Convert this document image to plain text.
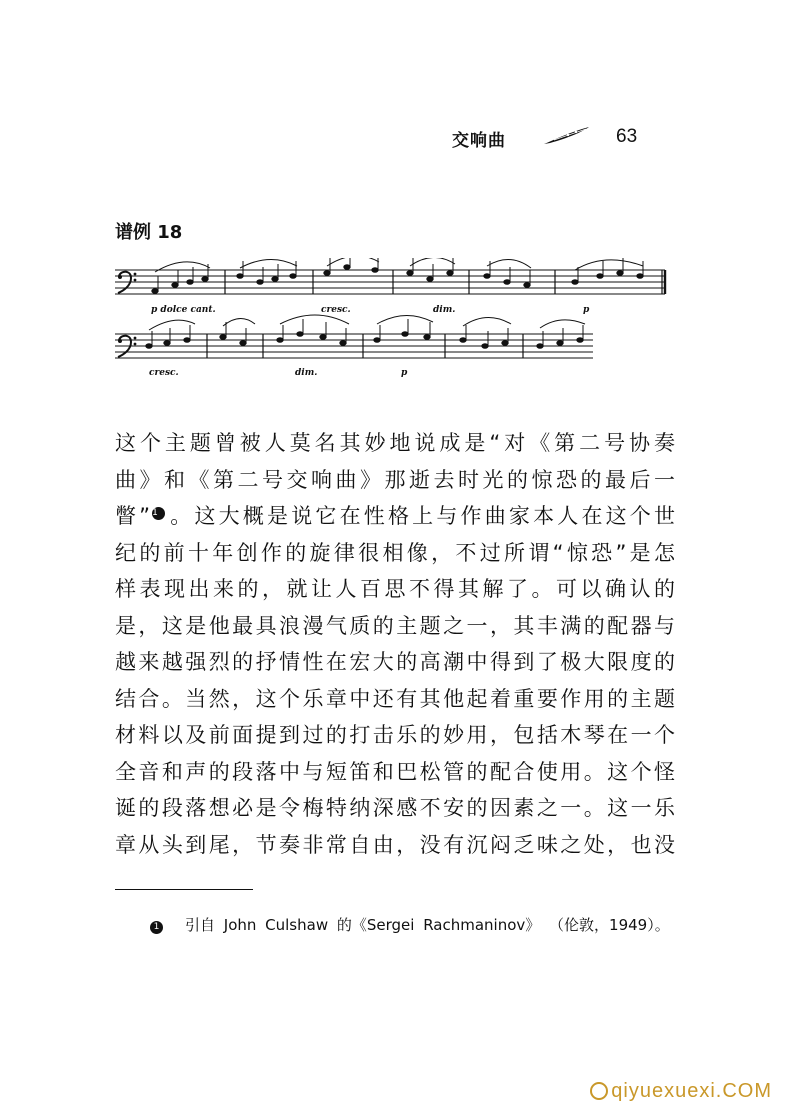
交响曲	63
谱例 18
p dolce cant.	cresc.	dim.	p
cresc.	dim.	p
这个主题曾被人莫名其妙地说成是“对《第二号协奏
曲》和《第二号交响曲》那逝去时光的惊恐的最后一
瞥” 1 。这大概是说它在性格上与作曲家本人在这个世
纪的前十年创作的旋律很相像，不过所谓“惊恐”是怎
样表现出来的，就让人百思不得其解了。可以确认的
是，这是他最具浪漫气质的主题之一，其丰满的配器与
越来越强烈的抒情性在宏大的高潮中得到了极大限度的
结合。当然，这个乐章中还有其他起着重要作用的主题
材料以及前面提到过的打击乐的妙用，包括木琴在一个
全音和声的段落中与短笛和巴松管的配合使用。这个怪
诞的段落想必是令梅特纳深感不安的因素之一。这一乐
章从头到尾，节奏非常自由，没有沉闷乏味之处，也没
1 引自 John Culshaw 的《Sergei Rachmaninov》 （伦敦，1949）。
qiyuexuexi.COM
